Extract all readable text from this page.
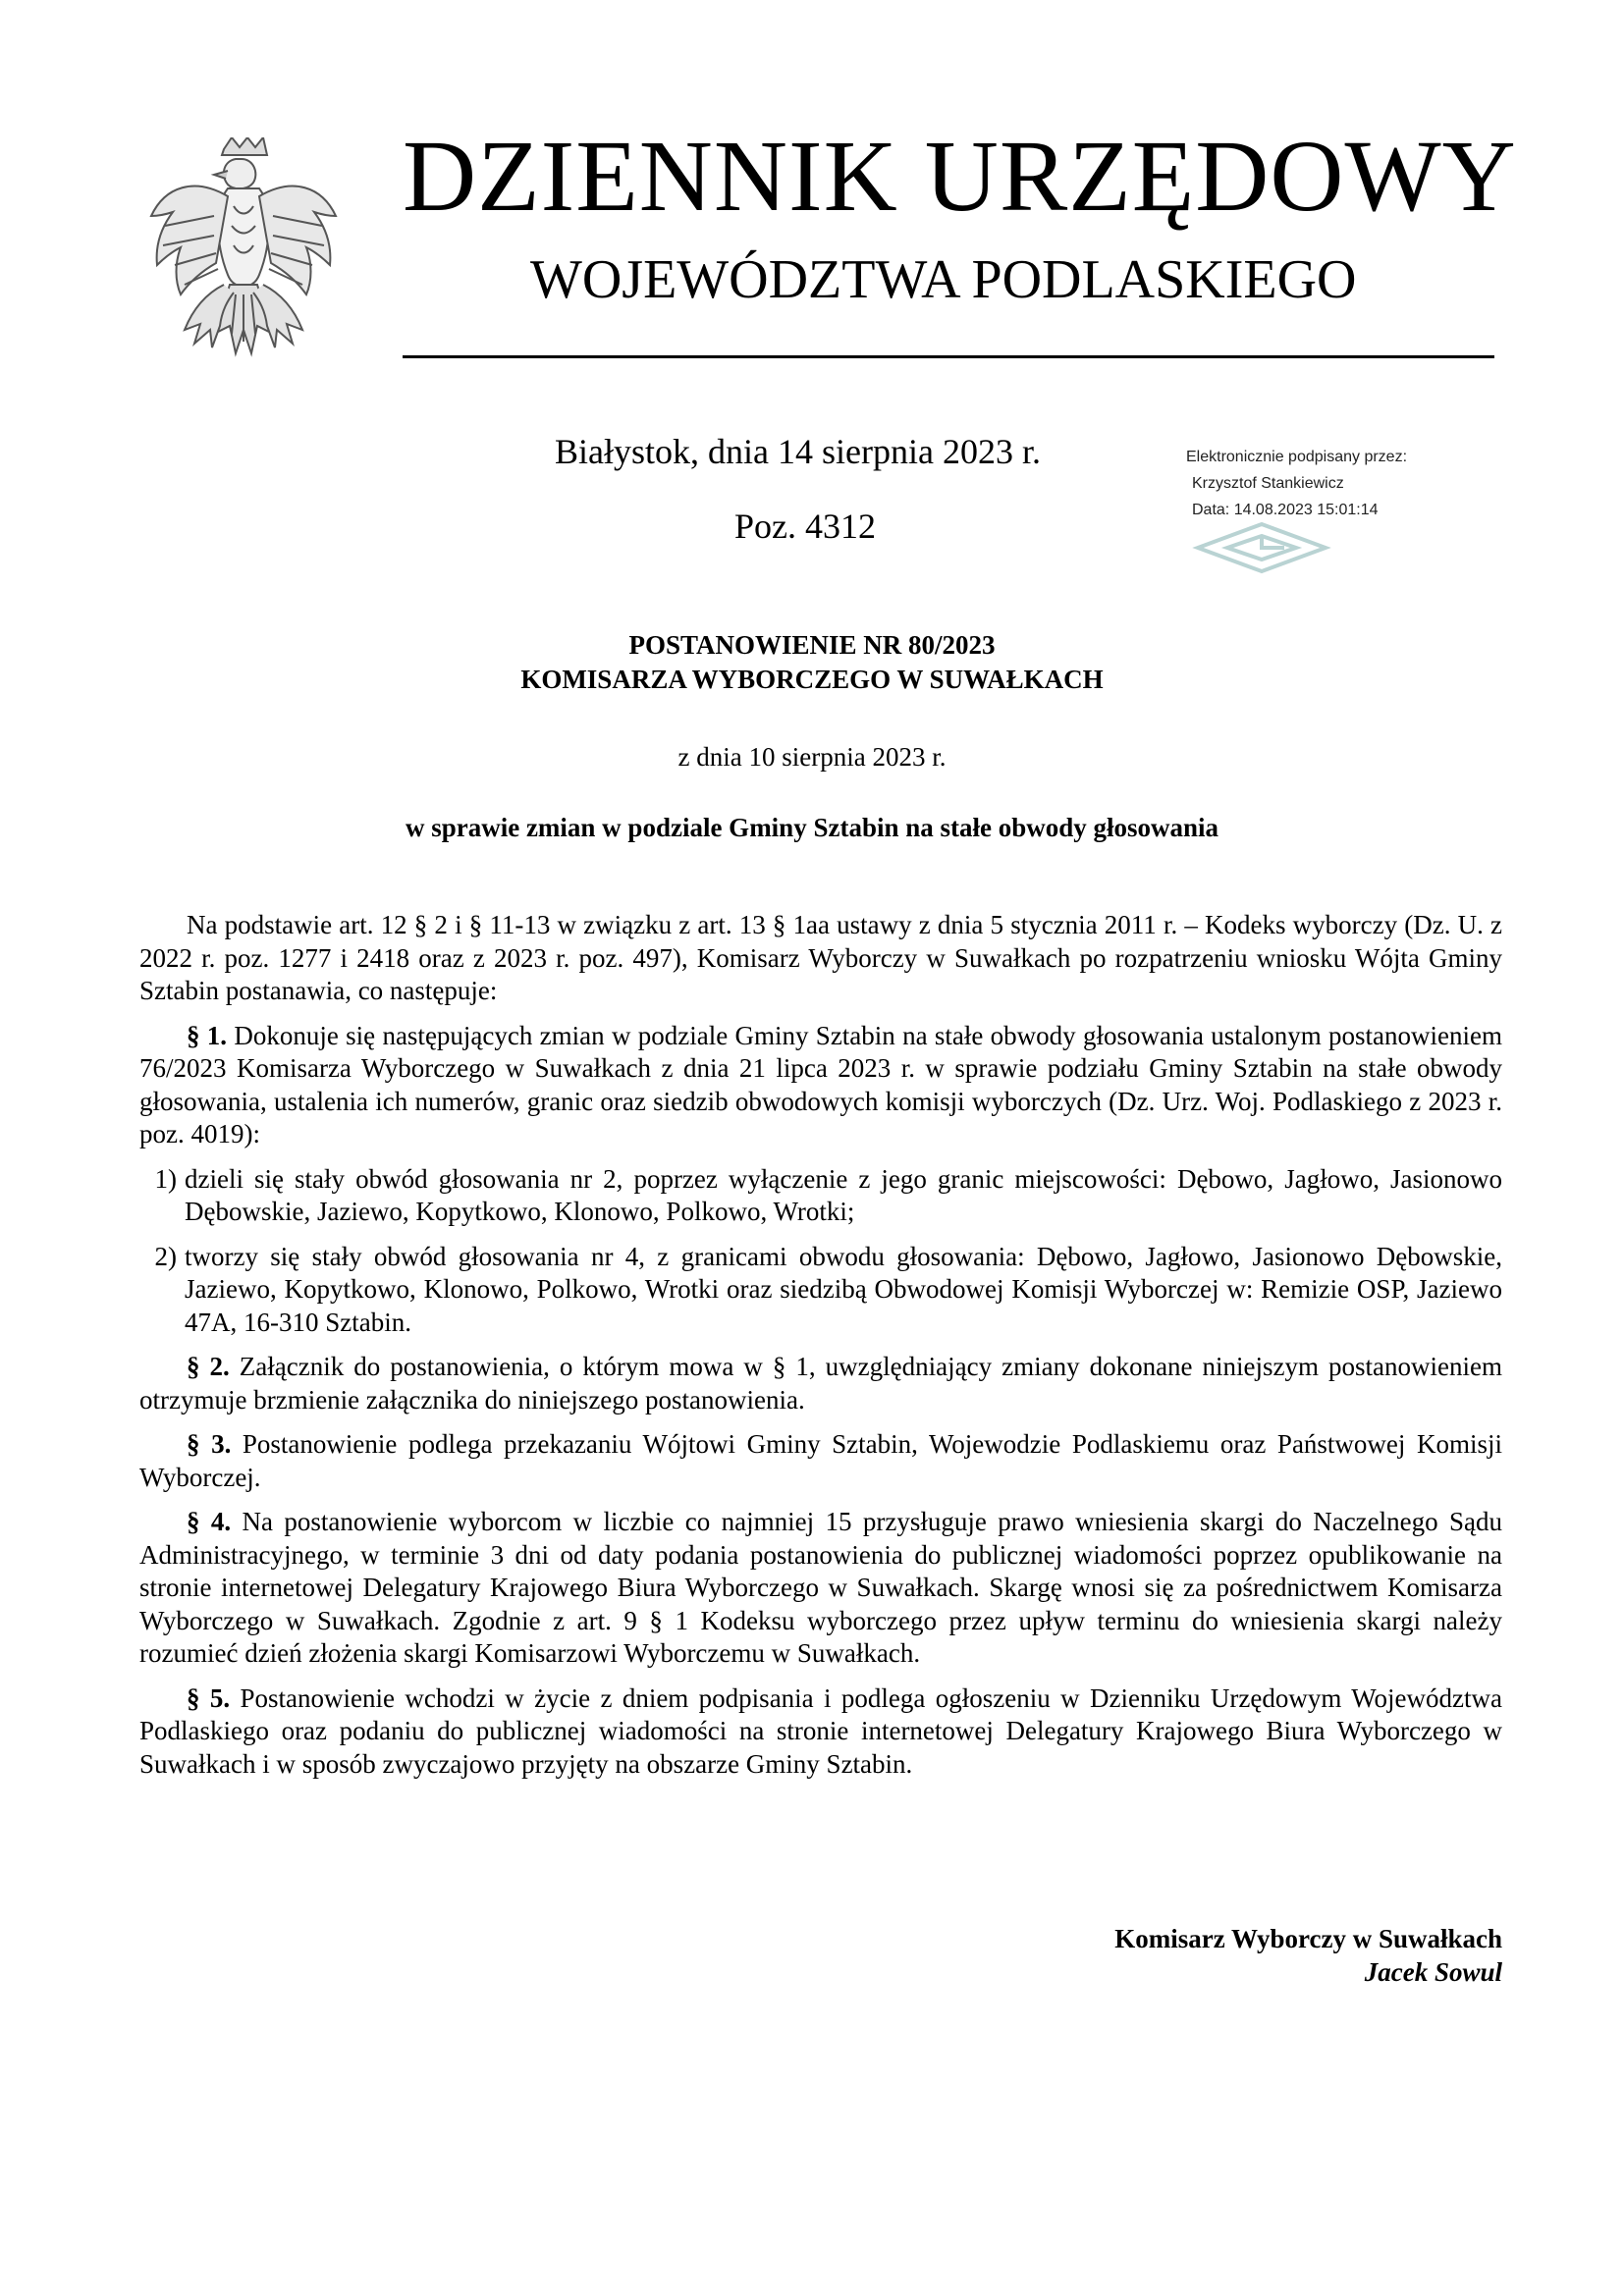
DZIENNIK URZĘDOWY
WOJEWÓDZTWA PODLASKIEGO
Białystok, dnia 14 sierpnia 2023 r.
Poz. 4312
Elektronicznie podpisany przez:
Krzysztof Stankiewicz
Data: 14.08.2023 15:01:14
POSTANOWIENIE NR 80/2023
KOMISARZA WYBORCZEGO W SUWAŁKACH
z dnia 10 sierpnia 2023 r.
w sprawie zmian w podziale Gminy Sztabin na stałe obwody głosowania

Na podstawie art. 12 § 2 i § 11-13 w związku z art. 13 § 1aa ustawy z dnia 5 stycznia 2011 r. – Kodeks wyborczy (Dz. U. z 2022 r. poz. 1277 i 2418 oraz z 2023 r. poz. 497), Komisarz Wyborczy w Suwałkach po rozpatrzeniu wniosku Wójta Gminy Sztabin postanawia, co następuje:

§ 1. Dokonuje się następujących zmian w podziale Gminy Sztabin na stałe obwody głosowania ustalonym postanowieniem 76/2023 Komisarza Wyborczego w Suwałkach z dnia 21 lipca 2023 r. w sprawie podziału Gminy Sztabin na stałe obwody głosowania, ustalenia ich numerów, granic oraz siedzib obwodowych komisji wyborczych (Dz. Urz. Woj. Podlaskiego z 2023 r. poz. 4019):

1) dzieli się stały obwód głosowania nr 2, poprzez wyłączenie z jego granic miejscowości: Dębowo, Jagłowo, Jasionowo Dębowskie, Jaziewo, Kopytkowo, Klonowo, Polkowo, Wrotki;
2) tworzy się stały obwód głosowania nr 4, z granicami obwodu głosowania: Dębowo, Jagłowo, Jasionowo Dębowskie, Jaziewo, Kopytkowo, Klonowo, Polkowo, Wrotki oraz siedzibą Obwodowej Komisji Wyborczej w: Remizie OSP, Jaziewo 47A, 16-310 Sztabin.

§ 2. Załącznik do postanowienia, o którym mowa w § 1, uwzględniający zmiany dokonane niniejszym postanowieniem otrzymuje brzmienie załącznika do niniejszego postanowienia.

§ 3. Postanowienie podlega przekazaniu Wójtowi Gminy Sztabin, Wojewodzie Podlaskiemu oraz Państwowej Komisji Wyborczej.

§ 4. Na postanowienie wyborcom w liczbie co najmniej 15 przysługuje prawo wniesienia skargi do Naczelnego Sądu Administracyjnego, w terminie 3 dni od daty podania postanowienia do publicznej wiadomości poprzez opublikowanie na stronie internetowej Delegatury Krajowego Biura Wyborczego w Suwałkach. Skargę wnosi się za pośrednictwem Komisarza Wyborczego w Suwałkach. Zgodnie z art. 9 § 1 Kodeksu wyborczego przez upływ terminu do wniesienia skargi należy rozumieć dzień złożenia skargi Komisarzowi Wyborczemu w Suwałkach.

§ 5. Postanowienie wchodzi w życie z dniem podpisania i podlega ogłoszeniu w Dzienniku Urzędowym Województwa Podlaskiego oraz podaniu do publicznej wiadomości na stronie internetowej Delegatury Krajowego Biura Wyborczego w Suwałkach i w sposób zwyczajowo przyjęty na obszarze Gminy Sztabin.

Komisarz Wyborczy w Suwałkach
Jacek Sowul
